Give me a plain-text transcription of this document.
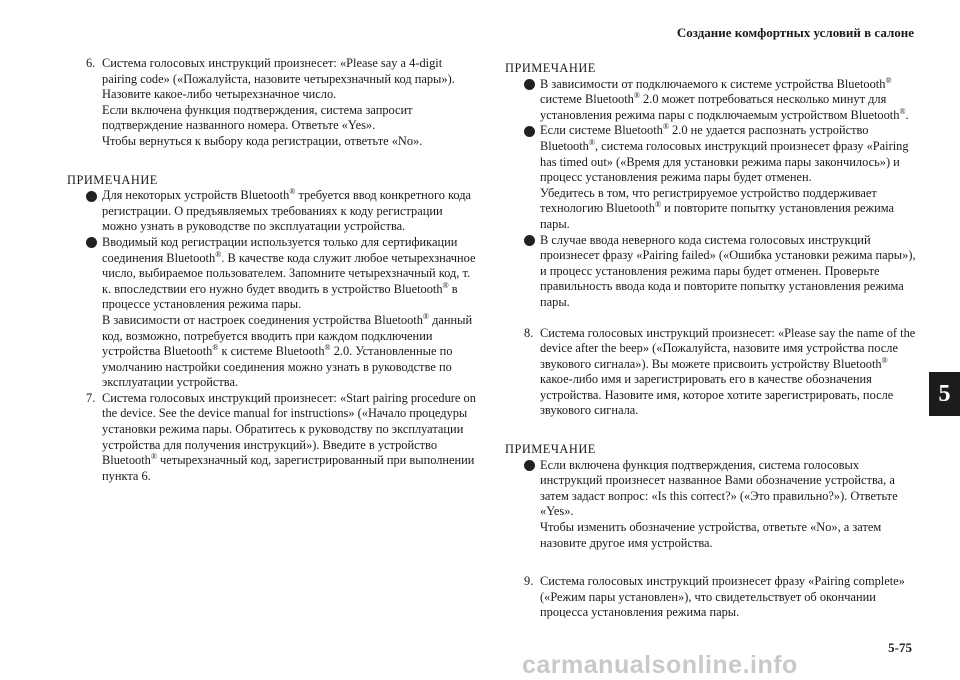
Создание комфортных условий в салоне
6. Система голосовых инструкций произнесет: «Please say a 4-digit pairing code» («Пожалуйста, назовите четырехзначный код пары»). Назовите какое-либо четырехзначное число.

Если включена функция подтверждения, система запросит подтверждение названного номера. Ответьте «Yes».

Чтобы вернуться к выбору кода регистрации, ответьте «No».

ПРИМЕЧАНИЕ

Для некоторых устройств Bluetooth® требуется ввод конкретного кода регистрации. О предъявляемых требованиях к коду регистрации можно узнать в руководстве по эксплуатации устройства.

Вводимый код регистрации используется только для сертификации соединения Bluetooth®. В качестве кода служит любое четырехзначное число, выбираемое пользователем. Запомните четырехзначный код, т. к. впоследствии его нужно будет вводить в устройство Bluetooth® в процессе установления режима пары.

В зависимости от настроек соединения устройства Bluetooth® данный код, возможно, потребуется вводить при каждом подключении устройства Bluetooth® к системе Bluetooth® 2.0. Установленные по умолчанию настройки соединения можно узнать в руководстве по эксплуатации устройства.

7. Система голосовых инструкций произнесет: «Start pairing procedure on the device. See the device manual for instructions» («Начало процедуры установки режима пары. Обратитесь к руководству по эксплуатации устройства для получения инструкций»). Введите в устройство Bluetooth® четырехзначный код, зарегистрированный при выполнении пункта 6.

ПРИМЕЧАНИЕ

В зависимости от подключаемого к системе устройства Bluetooth® системе Bluetooth® 2.0 может потребоваться несколько минут для установления режима пары с подключаемым устройством Bluetooth®.

Если системе Bluetooth® 2.0 не удается распознать устройство Bluetooth®, система голосовых инструкций произнесет фразу «Pairing has timed out» («Время для установки режима пары закончилось») и процесс установления режима пары будет отменен.

Убедитесь в том, что регистрируемое устройство поддерживает технологию Bluetooth® и повторите попытку установления режима пары.

В случае ввода неверного кода система голосовых инструкций произнесет фразу «Pairing failed» («Ошибка установки режима пары»), и процесс установления режима пары будет отменен. Проверьте правильность ввода кода и повторите попытку установления режима пары.

8. Система голосовых инструкций произнесет: «Please say the name of the device after the beep» («Пожалуйста, назовите имя устройства после звукового сигнала»). Вы можете присвоить устройству Bluetooth® какое-либо имя и зарегистрировать его в качестве обозначения устройства. Назовите имя, которое хотите зарегистрировать, после звукового сигнала.

ПРИМЕЧАНИЕ

Если включена функция подтверждения, система голосовых инструкций произнесет названное Вами обозначение устройства, а затем задаст вопрос: «Is this correct?» («Это правильно?»). Ответьте «Yes».

Чтобы изменить обозначение устройства, ответьте «No», а затем назовите другое имя устройства.

9. Система голосовых инструкций произнесет фразу «Pairing complete» («Режим пары установлен»), что свидетельствует об окончании процесса установления режима пары.

5
5-75
carmanualsonline.info
